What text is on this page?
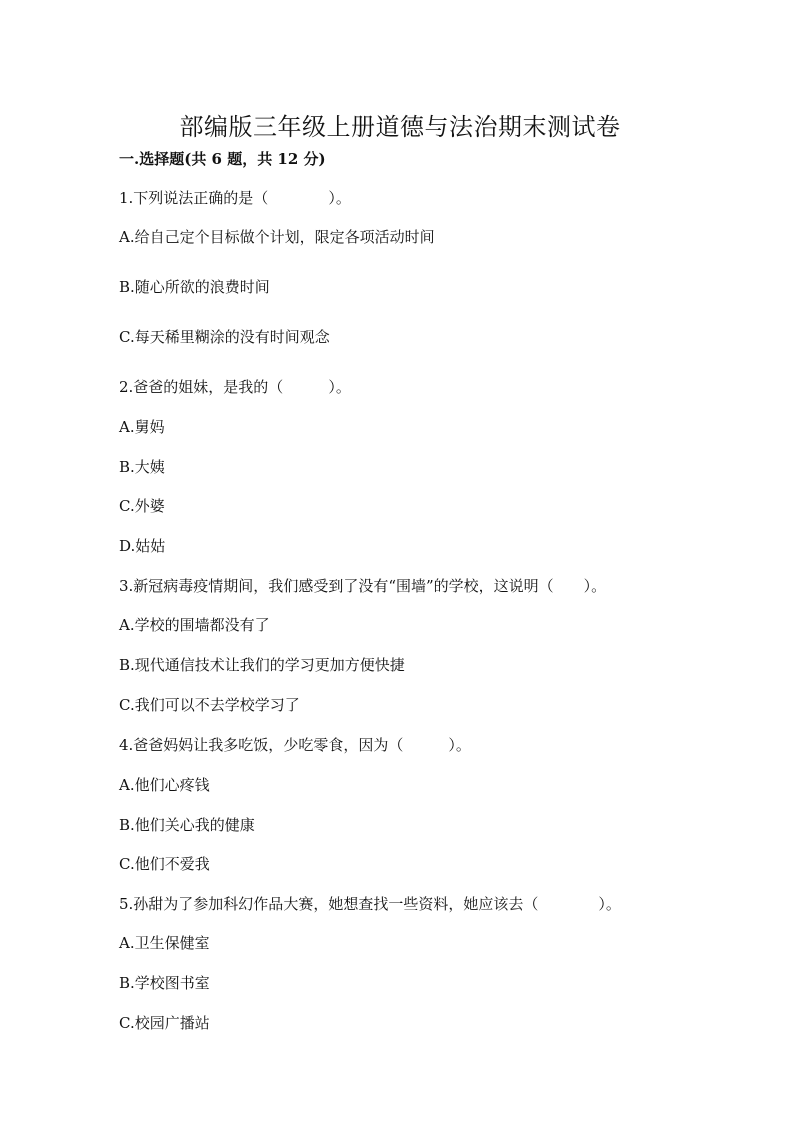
部编版三年级上册道德与法治期末测试卷
一.选择题(共 6 题，共 12 分)
1.下列说法正确的是（　　　　）。
A.给自己定个目标做个计划，限定各项活动时间
B.随心所欲的浪费时间
C.每天稀里糊涂的没有时间观念
2.爸爸的姐妹，是我的（　　　）。
A.舅妈
B.大姨
C.外婆
D.姑姑
3.新冠病毒疫情期间，我们感受到了没有“围墙”的学校，这说明（　　）。
A.学校的围墙都没有了
B.现代通信技术让我们的学习更加方便快捷
C.我们可以不去学校学习了
4.爸爸妈妈让我多吃饭，少吃零食，因为（　　　）。
A.他们心疼钱
B.他们关心我的健康
C.他们不爱我
5.孙甜为了参加科幻作品大赛，她想查找一些资料，她应该去（　　　　）。
A.卫生保健室
B.学校图书室
C.校园广播站
